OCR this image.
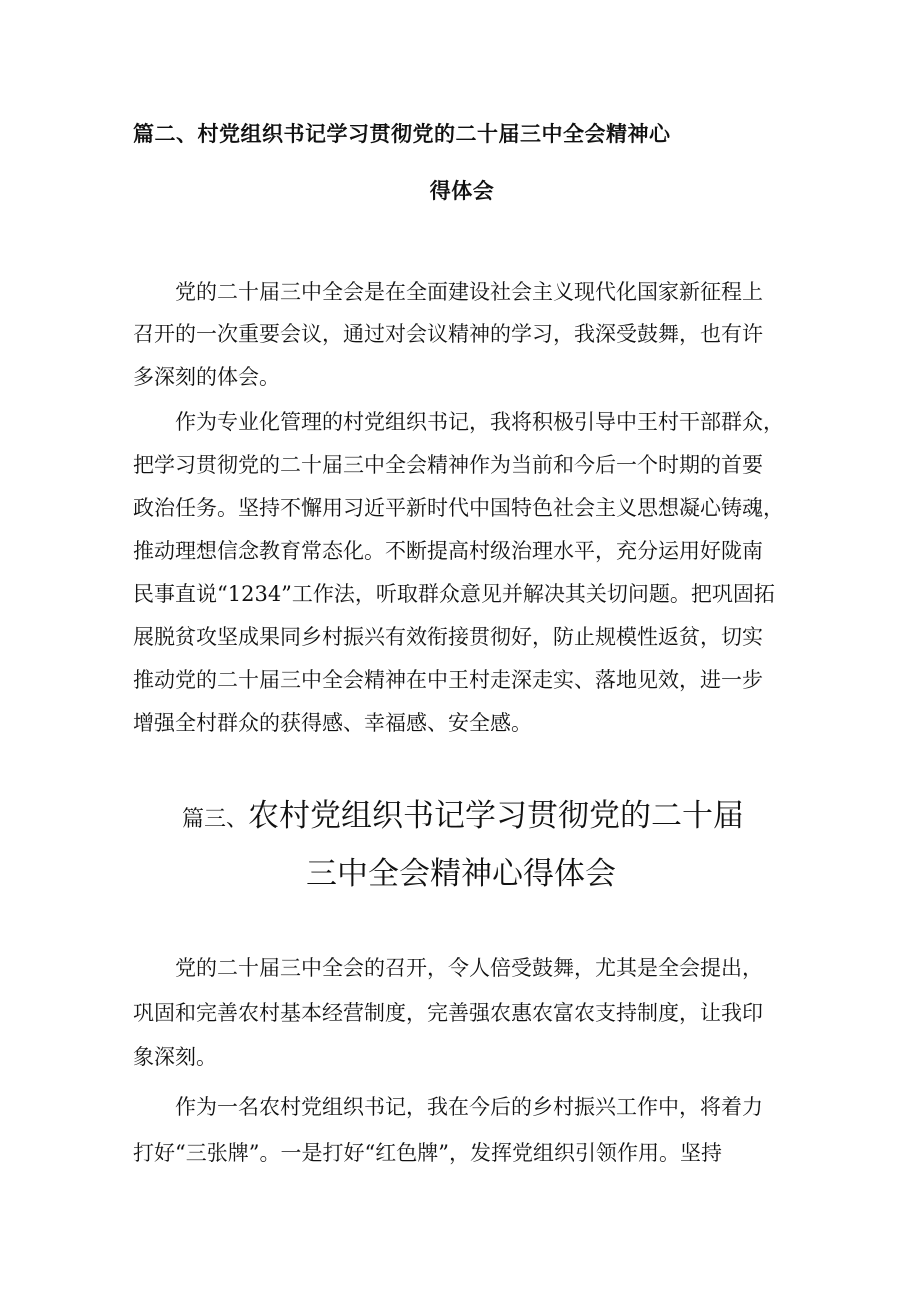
篇二、村党组织书记学习贯彻党的二十届三中全会精神心

得体会

　　党的二十届三中全会是在全面建设社会主义现代化国家新征程上

召开的一次重要会议，通过对会议精神的学习，我深受鼓舞，也有许

多深刻的体会。

　　作为专业化管理的村党组织书记，我将积极引导中王村干部群众，

把学习贯彻党的二十届三中全会精神作为当前和今后一个时期的首要

政治任务。坚持不懈用习近平新时代中国特色社会主义思想凝心铸魂，

推动理想信念教育常态化。不断提高村级治理水平，充分运用好陇南

民事直说“1234”工作法，听取群众意见并解决其关切问题。把巩固拓

展脱贫攻坚成果同乡村振兴有效衔接贯彻好，防止规模性返贫，切实

推动党的二十届三中全会精神在中王村走深走实、落地见效，进一步

增强全村群众的获得感、幸福感、安全感。

篇三、农村党组织书记学习贯彻党的二十届

三中全会精神心得体会

　　党的二十届三中全会的召开，令人倍受鼓舞，尤其是全会提出，

巩固和完善农村基本经营制度，完善强农惠农富农支持制度，让我印

象深刻。

　　作为一名农村党组织书记，我在今后的乡村振兴工作中，将着力

打好“三张牌”。一是打好“红色牌”，发挥党组织引领作用。坚持
